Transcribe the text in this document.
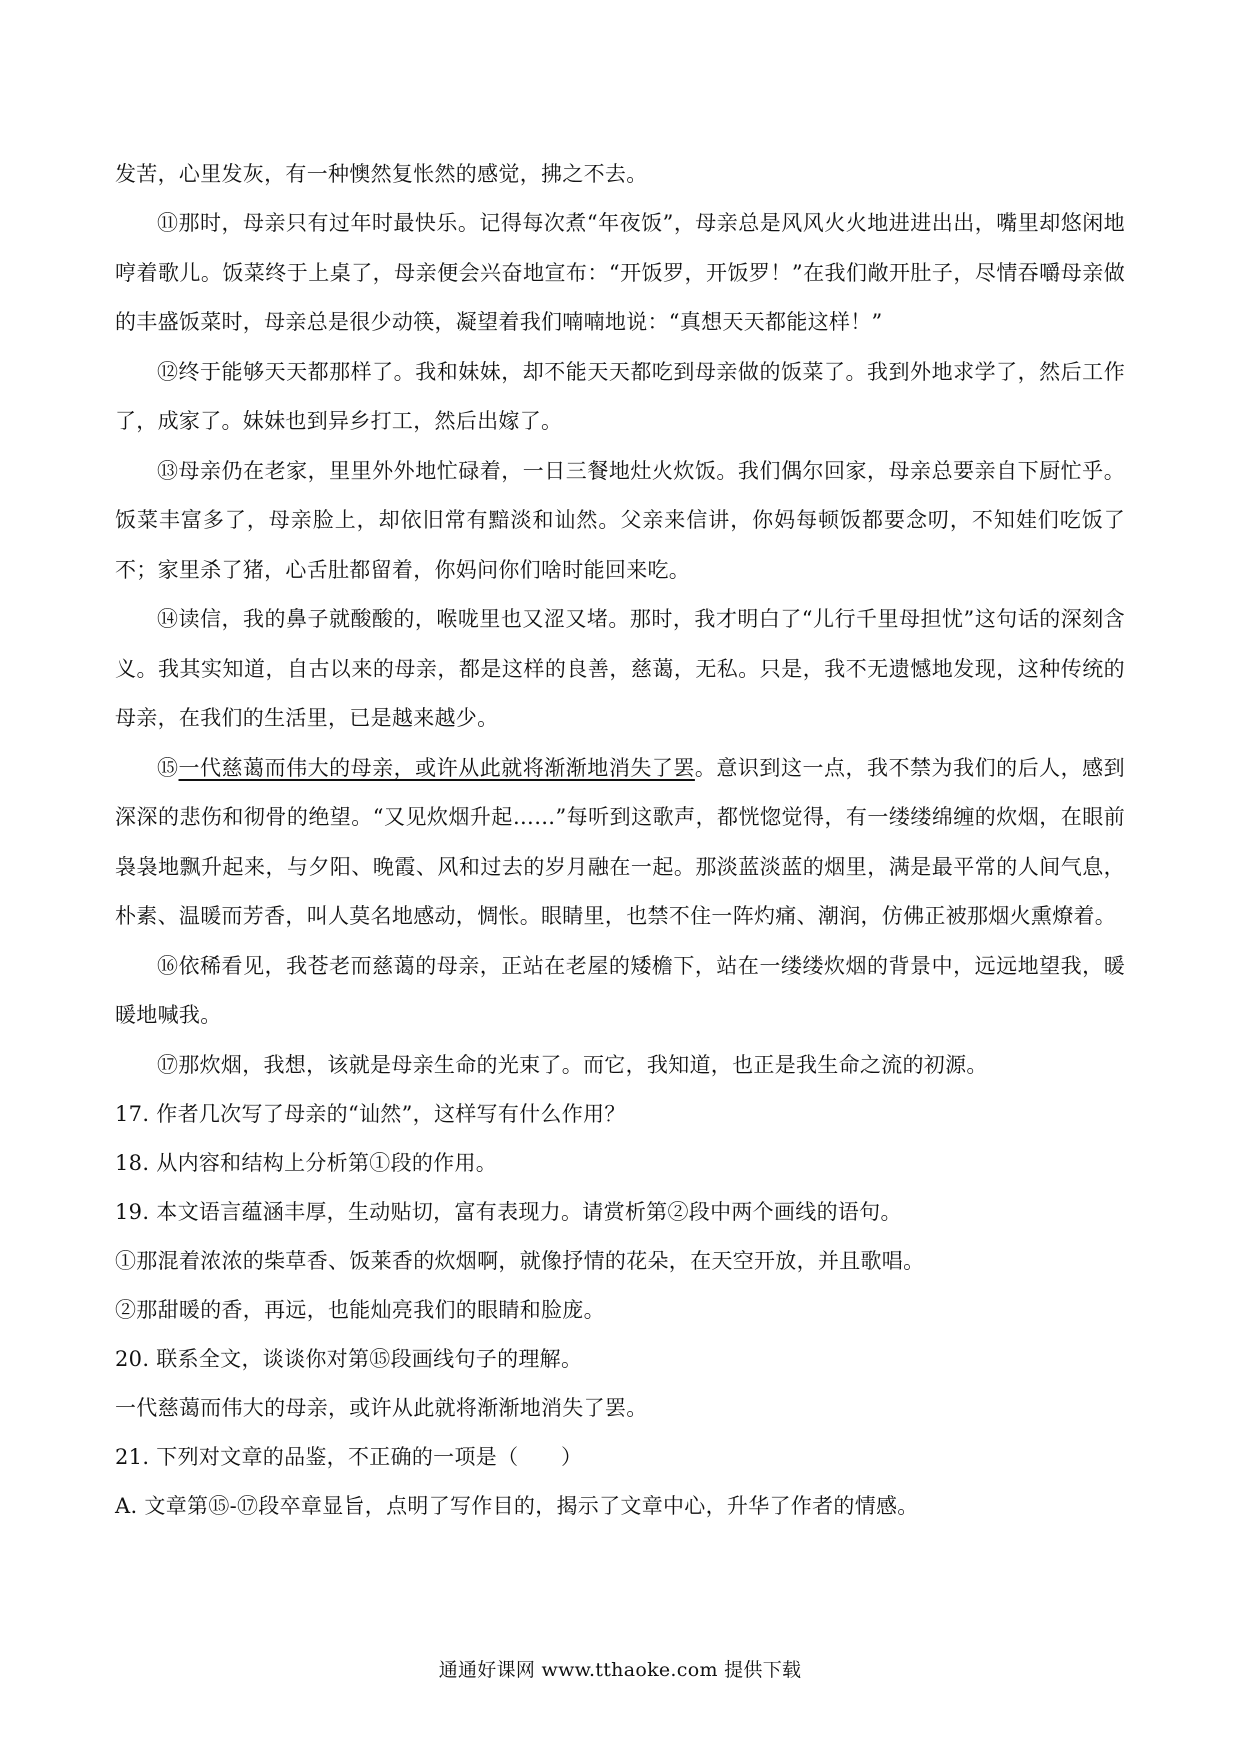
发苦，心里发灰，有一种懊然复怅然的感觉，拂之不去。
⑪那时，母亲只有过年时最快乐。记得每次煮“年夜饭”，母亲总是风风火火地进进出出，嘴里却悠闲地哼着歌儿。饭菜终于上桌了，母亲便会兴奋地宣布：“开饭罗，开饭罗！”在我们敞开肚子，尽情吞嚼母亲做的丰盛饭菜时，母亲总是很少动筷，凝望着我们喃喃地说：“真想天天都能这样！”
⑫终于能够天天都那样了。我和妹妹，却不能天天都吃到母亲做的饭菜了。我到外地求学了，然后工作了，成家了。妹妹也到异乡打工，然后出嫁了。
⑬母亲仍在老家，里里外外地忙碌着，一日三餐地灶火炊饭。我们偶尔回家，母亲总要亲自下厨忙乎。饭菜丰富多了，母亲脸上，却依旧常有黯淡和讪然。父亲来信讲，你妈每顿饭都要念叨，不知娃们吃饭了不；家里杀了猪，心舌肚都留着，你妈问你们啥时能回来吃。
⑭读信，我的鼻子就酸酸的，喉咙里也又涩又堵。那时，我才明白了“儿行千里母担忧”这句话的深刻含义。我其实知道，自古以来的母亲，都是这样的良善，慈蔼，无私。只是，我不无遗憾地发现，这种传统的母亲，在我们的生活里，已是越来越少。
⑮一代慈蔼而伟大的母亲，或许从此就将渐渐地消失了罢。意识到这一点，我不禁为我们的后人，感到深深的悲伤和彻骨的绝望。“又见炊烟升起……”每听到这歌声，都恍惚觉得，有一缕缕绵缠的炊烟，在眼前袅袅地飘升起来，与夕阳、晚霞、风和过去的岁月融在一起。那淡蓝淡蓝的烟里，满是最平常的人间气息，朴素、温暖而芳香，叫人莫名地感动，惆怅。眼睛里，也禁不住一阵灼痛、潮润，仿佛正被那烟火熏燎着。
⑯依稀看见，我苍老而慈蔼的母亲，正站在老屋的矮檐下，站在一缕缕炊烟的背景中，远远地望我，暖暖地喊我。
⑰那炊烟，我想，该就是母亲生命的光束了。而它，我知道，也正是我生命之流的初源。
17. 作者几次写了母亲的“讪然”，这样写有什么作用？
18. 从内容和结构上分析第①段的作用。
19. 本文语言蕴涵丰厚，生动贴切，富有表现力。请赏析第②段中两个画线的语句。
①那混着浓浓的柴草香、饭莱香的炊烟啊，就像抒情的花朵，在天空开放，并且歌唱。
②那甜暖的香，再远，也能灿亮我们的眼睛和脸庞。
20. 联系全文，谈谈你对第⑮段画线句子的理解。
一代慈蔼而伟大的母亲，或许从此就将渐渐地消失了罢。
21. 下列对文章的品鉴，不正确的一项是（　　）
A. 文章第⑮-⑰段卒章显旨，点明了写作目的，揭示了文章中心，升华了作者的情感。
通通好课网 www.tthaoke.com 提供下载
